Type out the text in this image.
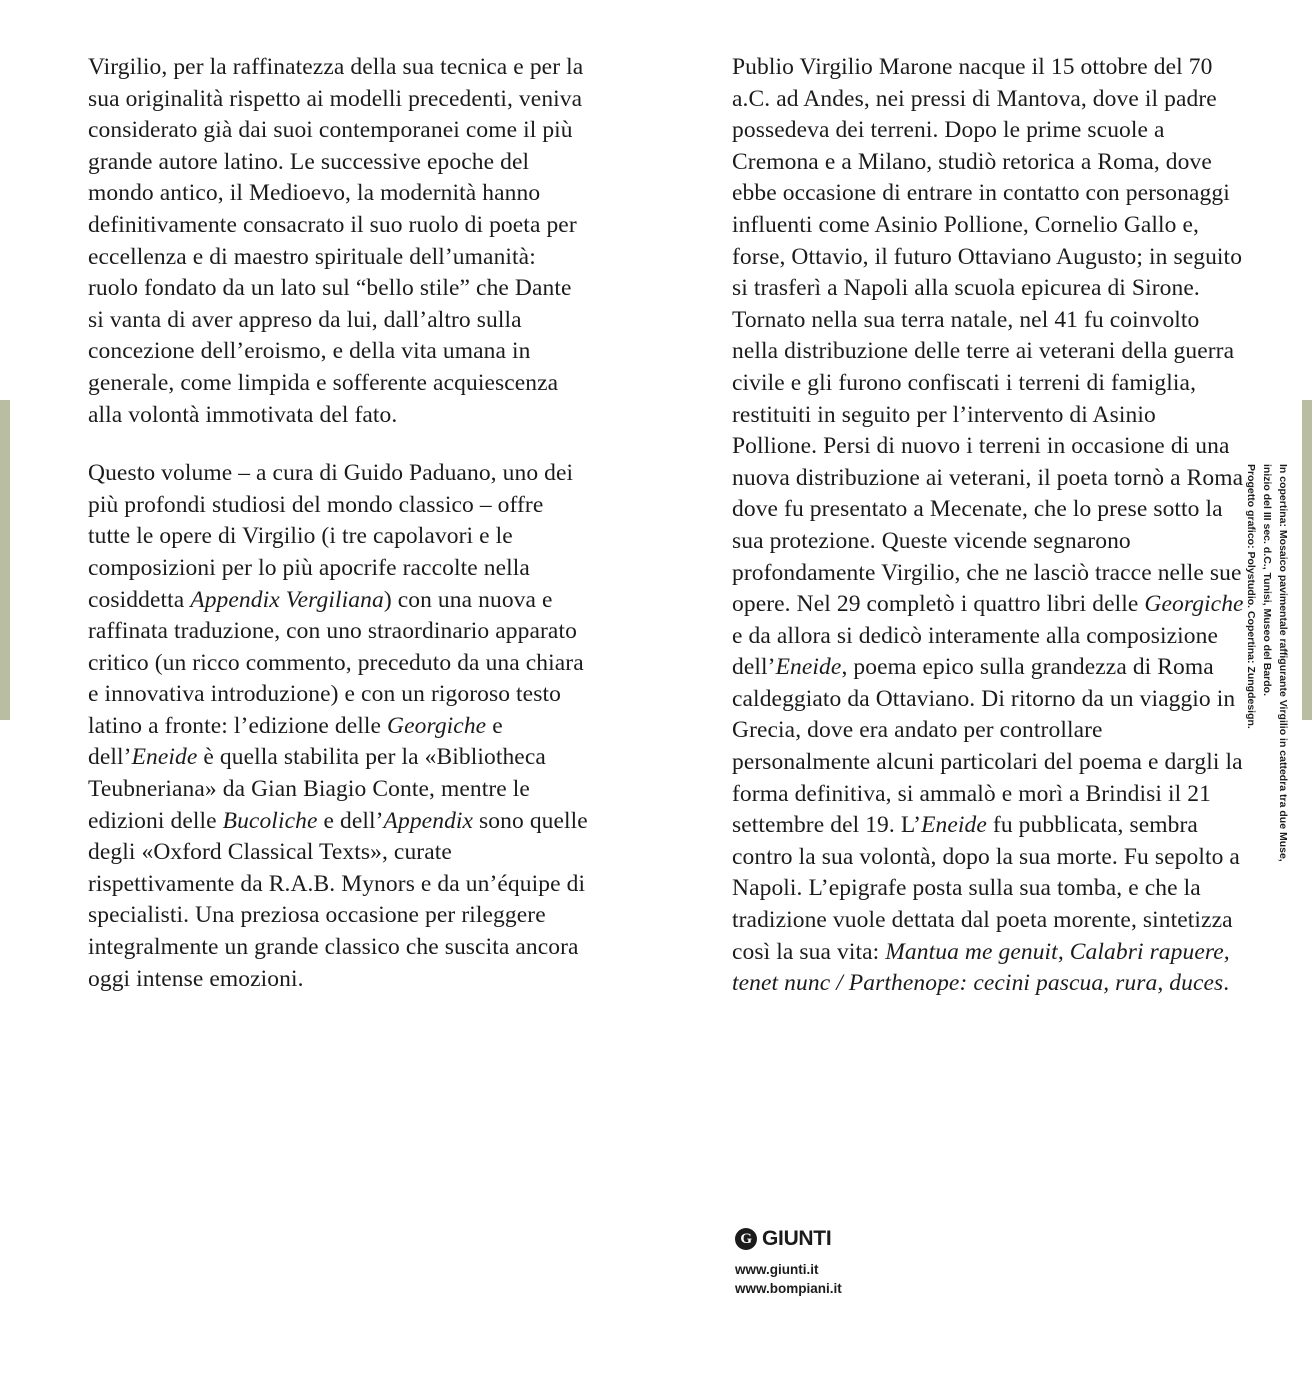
Virgilio, per la raffinatezza della sua tecnica e per la sua originalità rispetto ai modelli precedenti, veniva considerato già dai suoi contemporanei come il più grande autore latino. Le successive epoche del mondo antico, il Medioevo, la modernità hanno definitivamente consacrato il suo ruolo di poeta per eccellenza e di maestro spirituale dell’umanità: ruolo fondato da un lato sul “bello stile” che Dante si vanta di aver appreso da lui, dall’altro sulla concezione dell’eroismo, e della vita umana in generale, come limpida e sofferente acquiescenza alla volontà immotivata del fato.

Questo volume – a cura di Guido Paduano, uno dei più profondi studiosi del mondo classico – offre tutte le opere di Virgilio (i tre capolavori e le composizioni per lo più apocrife raccolte nella cosiddetta Appendix Vergiliana) con una nuova e raffinata traduzione, con uno straordinario apparato critico (un ricco commento, preceduto da una chiara e innovativa introduzione) e con un rigoroso testo latino a fronte: l’edizione delle Georgiche e dell’Eneide è quella stabilita per la «Bibliotheca Teubneriana» da Gian Biagio Conte, mentre le edizioni delle Bucoliche e dell’Appendix sono quelle degli «Oxford Classical Texts», curate rispettivamente da R.A.B. Mynors e da un’équipe di specialisti. Una preziosa occasione per rileggere integralmente un grande classico che suscita ancora oggi intense emozioni.

Publio Virgilio Marone nacque il 15 ottobre del 70 a.C. ad Andes, nei pressi di Mantova, dove il padre possedeva dei terreni. Dopo le prime scuole a Cremona e a Milano, studiò retorica a Roma, dove ebbe occasione di entrare in contatto con personaggi influenti come Asinio Pollione, Cornelio Gallo e, forse, Ottavio, il futuro Ottaviano Augusto; in seguito si trasferì a Napoli alla scuola epicurea di Sirone. Tornato nella sua terra natale, nel 41 fu coinvolto nella distribuzione delle terre ai veterani della guerra civile e gli furono confiscati i terreni di famiglia, restituiti in seguito per l’intervento di Asinio Pollione. Persi di nuovo i terreni in occasione di una nuova distribuzione ai veterani, il poeta tornò a Roma dove fu presentato a Mecenate, che lo prese sotto la sua protezione. Queste vicende segnarono profondamente Virgilio, che ne lasciò tracce nelle sue opere. Nel 29 completò i quattro libri delle Georgiche e da allora si dedicò interamente alla composizione dell’Eneide, poema epico sulla grandezza di Roma caldeggiato da Ottaviano. Di ritorno da un viaggio in Grecia, dove era andato per controllare personalmente alcuni particolari del poema e dargli la forma definitiva, si ammalò e morì a Brindisi il 21 settembre del 19. L’Eneide fu pubblicata, sembra contro la sua volontà, dopo la sua morte. Fu sepolto a Napoli. L’epigrafe posta sulla sua tomba, e che la tradizione vuole dettata dal poeta morente, sintetizza così la sua vita: Mantua me genuit, Calabri rapuere, tenet nunc / Parthenope: cecini pascua, rura, duces.

G GIUNTI
www.giunti.it
www.bompiani.it
In copertina: Mosaico pavimentale raffigurante Virgilio in cattedra tra due Muse,
inizio del III sec. d.C., Tunisi, Museo del Bardo.
Progetto grafico: Polystudio. Copertina: Zungdesign.
